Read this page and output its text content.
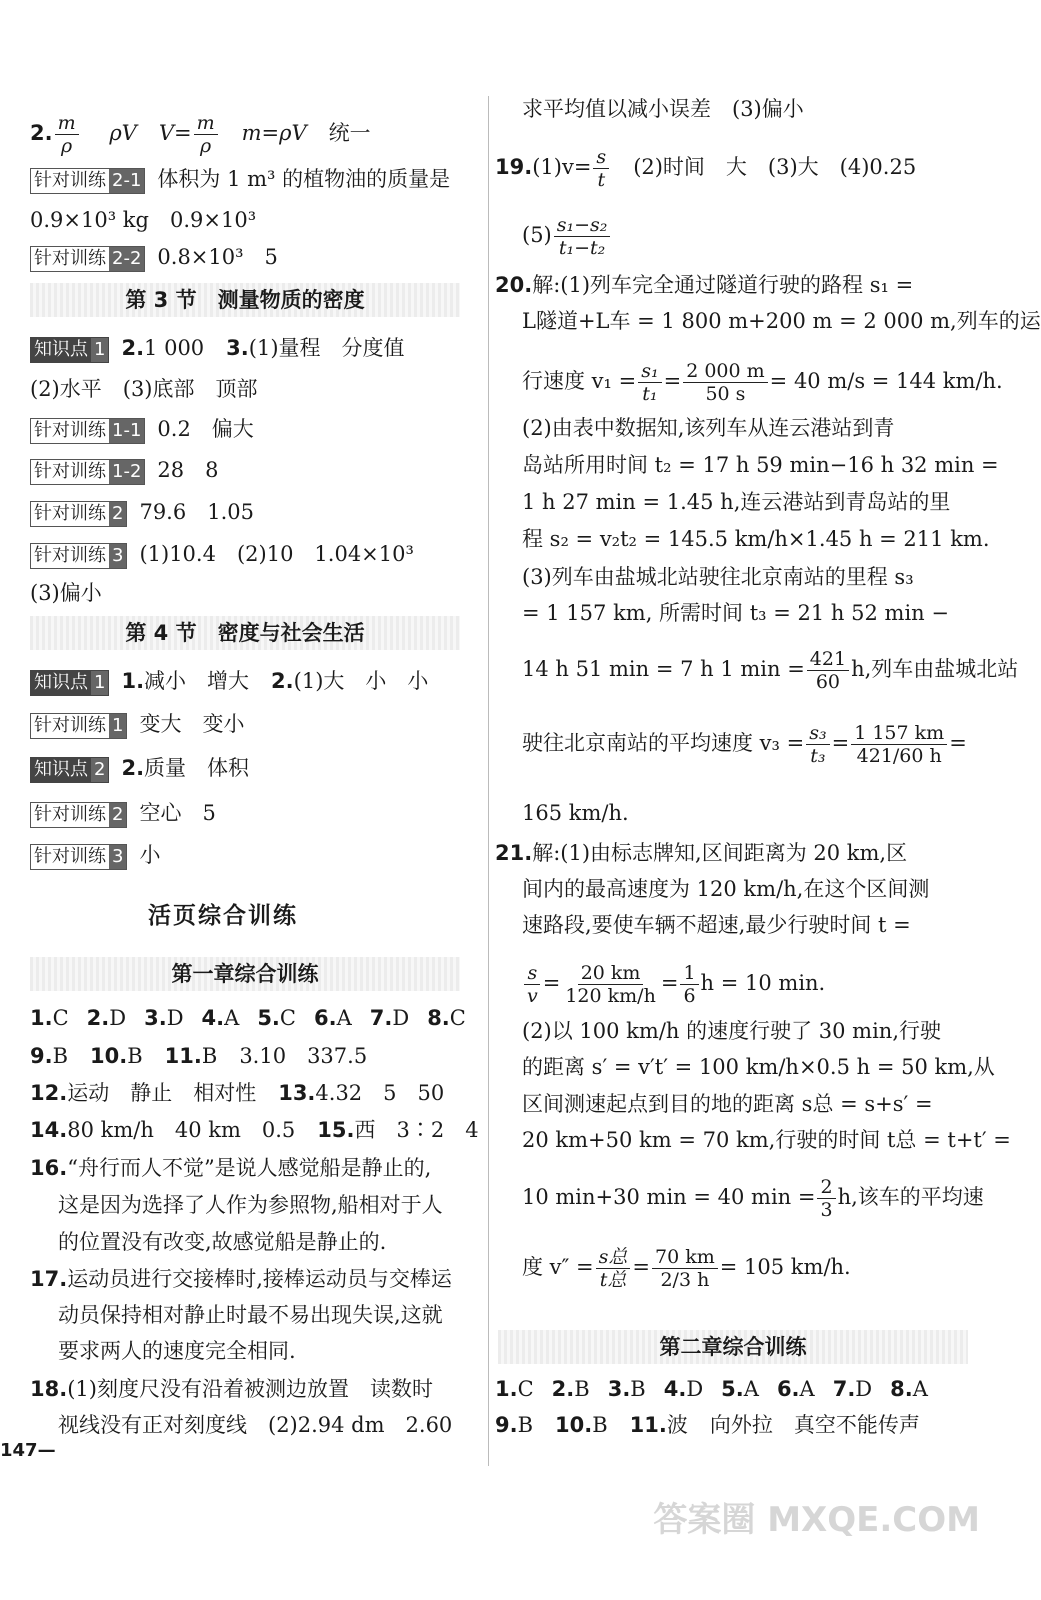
2. $\frac{m}{\rho}$ ρV $V= \frac{m}{\rho} m=\rho V$ 统一
针对训练 2-1 体积为 1 m³ 的植物油的质量是
0.9×10³ kg　0.9×10³
针对训练 2-2 0.8×10³　5
第 3 节　测量物质的密度
知识点 1 2.1 000 3.(1)量程　分度值
(2)水平　(3)底部　顶部
针对训练 1-1 0.2　偏大
针对训练 1-2 28　8
针对训练 2 79.6　1.05
针对训练 3 (1)10.4　(2)10　1.04×10³
(3)偏小
第 4 节　密度与社会生活
知识点 1 1.减小　增大 2.(1)大　小　小
针对训练 1 变大　变小
知识点 2 2.质量　体积
针对训练 2 空心　5
针对训练 3 小
活页综合训练
第一章综合训练
1.C 2.D 3.D 4.A 5.C 6.A 7.D 8.C
9.B 10.B 11.B 3.10　337.5
12.运动　静止　相对性 13.4.32　5　50
14.80 km/h　40 km　0.5 15.西　3∶2　4
16.“舟行而人不觉”是说人感觉船是静止的,
这是因为选择了人作为参照物,船相对于人
的位置没有改变,故感觉船是静止的.
17.运动员进行交接棒时,接棒运动员与交棒运
动员保持相对静止时最不易出现失误,这就
要求两人的速度完全相同.
18.(1)刻度尺没有沿着被测边放置　读数时
视线没有正对刻度线　(2)2.94 dm　2.60
147—
求平均值以减小误差　(3)偏小
$19.(1)v= \frac{s}{t} (2)$时间　大　(3)大　(4)0.25
$(5) \frac{\text{s₁−s₂}}{\text{t₁−t₂}}$
20.解:(1)列车完全通过隧道行驶的路程 s₁ =
L隧道+L车 = 1 800 m+200 m = 2 000 m,列车的运
行速度 $v_1 = \frac{\text{s₁}}{\text{t₁}} = \frac{2 000 m}{50 s} = 40$ m/s = 144 km/h.
(2)由表中数据知,该列车从连云港站到青
岛站所用时间 t₂ = 17 h 59 min−16 h 32 min =
1 h 27 min = 1.45 h,连云港站到青岛站的里
程 s₂ = v₂t₂ = 145.5 km/h×1.45 h = 211 km.
(3)列车由盐城北站驶往北京南站的里程 s₃
= 1 157 km, 所需时间 t₃ = 21 h 52 min −
14 h 51 min = 7 h 1 $\min = \frac{421}{60} h$,列车由盐城北站
驶往北京南站的平均速度 $v_3 = \frac{\text{s₃}}{\text{t₃}} = \frac{1 157 km}{421/60 h}$ =
165 km/h.
21.解:(1)由标志牌知,区间距离为 20 km,区
间内的最高速度为 120 km/h,在这个区间测
速路段,要使车辆不超速,最少行驶时间 t =
$\frac{s}{v} = \frac{20 km}{120 km/h} = \frac{1}{6}$ h = 10 min.
(2)以 100 km/h 的速度行驶了 30 min,行驶
的距离 s′ = v′t′ = 100 km/h×0.5 h = 50 km,从
区间测速起点到目的地的距离 s总 = s+s′ =
20 km+50 km = 70 km,行驶的时间 t总 = t+t′ =
10 min+30 min = 40 $\min = \frac{2}{3} h$,该车的平均速
度 $v'' = \frac{\text{s总}}{\text{t总}} = \frac{70 km}{2/3 h} = 105$ km/h.
第二章综合训练
1.C 2.B 3.B 4.D 5.A 6.A 7.D 8.A
9.B 10.B 11.波 向外拉　真空不能传声
答案圈 MXQE.COM
